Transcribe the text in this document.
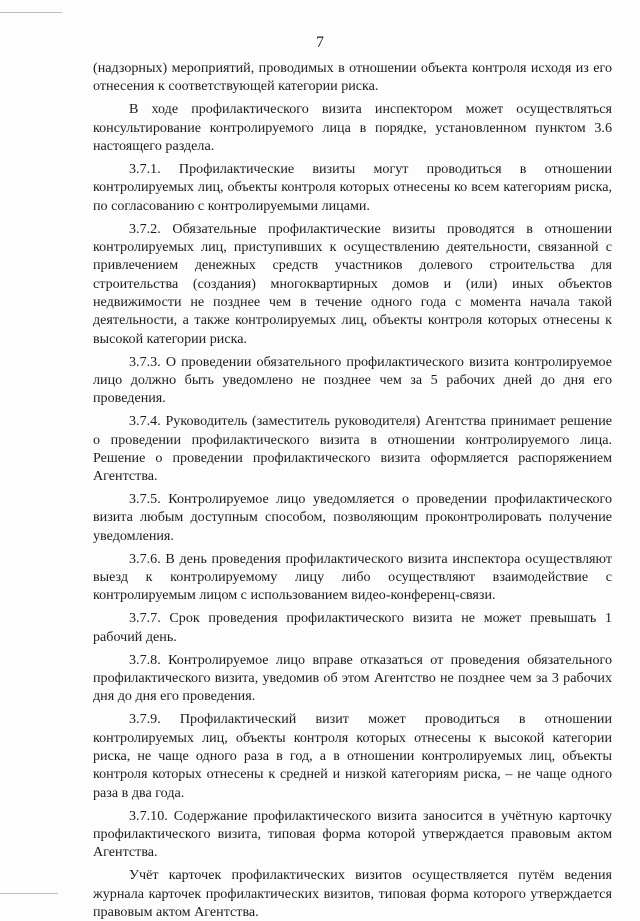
7

(надзорных) мероприятий, проводимых в отношении объекта контроля исходя из его отнесения к соответствующей категории риска.

В ходе профилактического визита инспектором может осуществляться консультирование контролируемого лица в порядке, установленном пунктом 3.6 настоящего раздела.

3.7.1. Профилактические визиты могут проводиться в отношении контролируемых лиц, объекты контроля которых отнесены ко всем категориям риска, по согласованию с контролируемыми лицами.

3.7.2. Обязательные профилактические визиты проводятся в отношении контролируемых лиц, приступивших к осуществлению деятельности, связанной с привлечением денежных средств участников долевого строительства для строительства (создания) многоквартирных домов и (или) иных объектов недвижимости не позднее чем в течение одного года с момента начала такой деятельности, а также контролируемых лиц, объекты контроля которых отнесены к высокой категории риска.

3.7.3. О проведении обязательного профилактического визита контролируемое лицо должно быть уведомлено не позднее чем за 5 рабочих дней до дня его проведения.

3.7.4. Руководитель (заместитель руководителя) Агентства принимает решение о проведении профилактического визита в отношении контролируемого лица. Решение о проведении профилактического визита оформляется распоряжением Агентства.

3.7.5. Контролируемое лицо уведомляется о проведении профилактического визита любым доступным способом, позволяющим проконтролировать получение уведомления.

3.7.6. В день проведения профилактического визита инспектора осуществляют выезд к контролируемому лицу либо осуществляют взаимодействие с контролируемым лицом с использованием видео-конференц-связи.

3.7.7. Срок проведения профилактического визита не может превышать 1 рабочий день.

3.7.8. Контролируемое лицо вправе отказаться от проведения обязательного профилактического визита, уведомив об этом Агентство не позднее чем за 3 рабочих дня до дня его проведения.

3.7.9. Профилактический визит может проводиться в отношении контролируемых лиц, объекты контроля которых отнесены к высокой категории риска, не чаще одного раза в год, а в отношении контролируемых лиц, объекты контроля которых отнесены к средней и низкой категориям риска, – не чаще одного раза в два года.

3.7.10. Содержание профилактического визита заносится в учётную карточку профилактического визита, типовая форма которой утверждается правовым актом Агентства.

Учёт карточек профилактических визитов осуществляется путём ведения журнала карточек профилактических визитов, типовая форма которого утверждается правовым актом Агентства.
